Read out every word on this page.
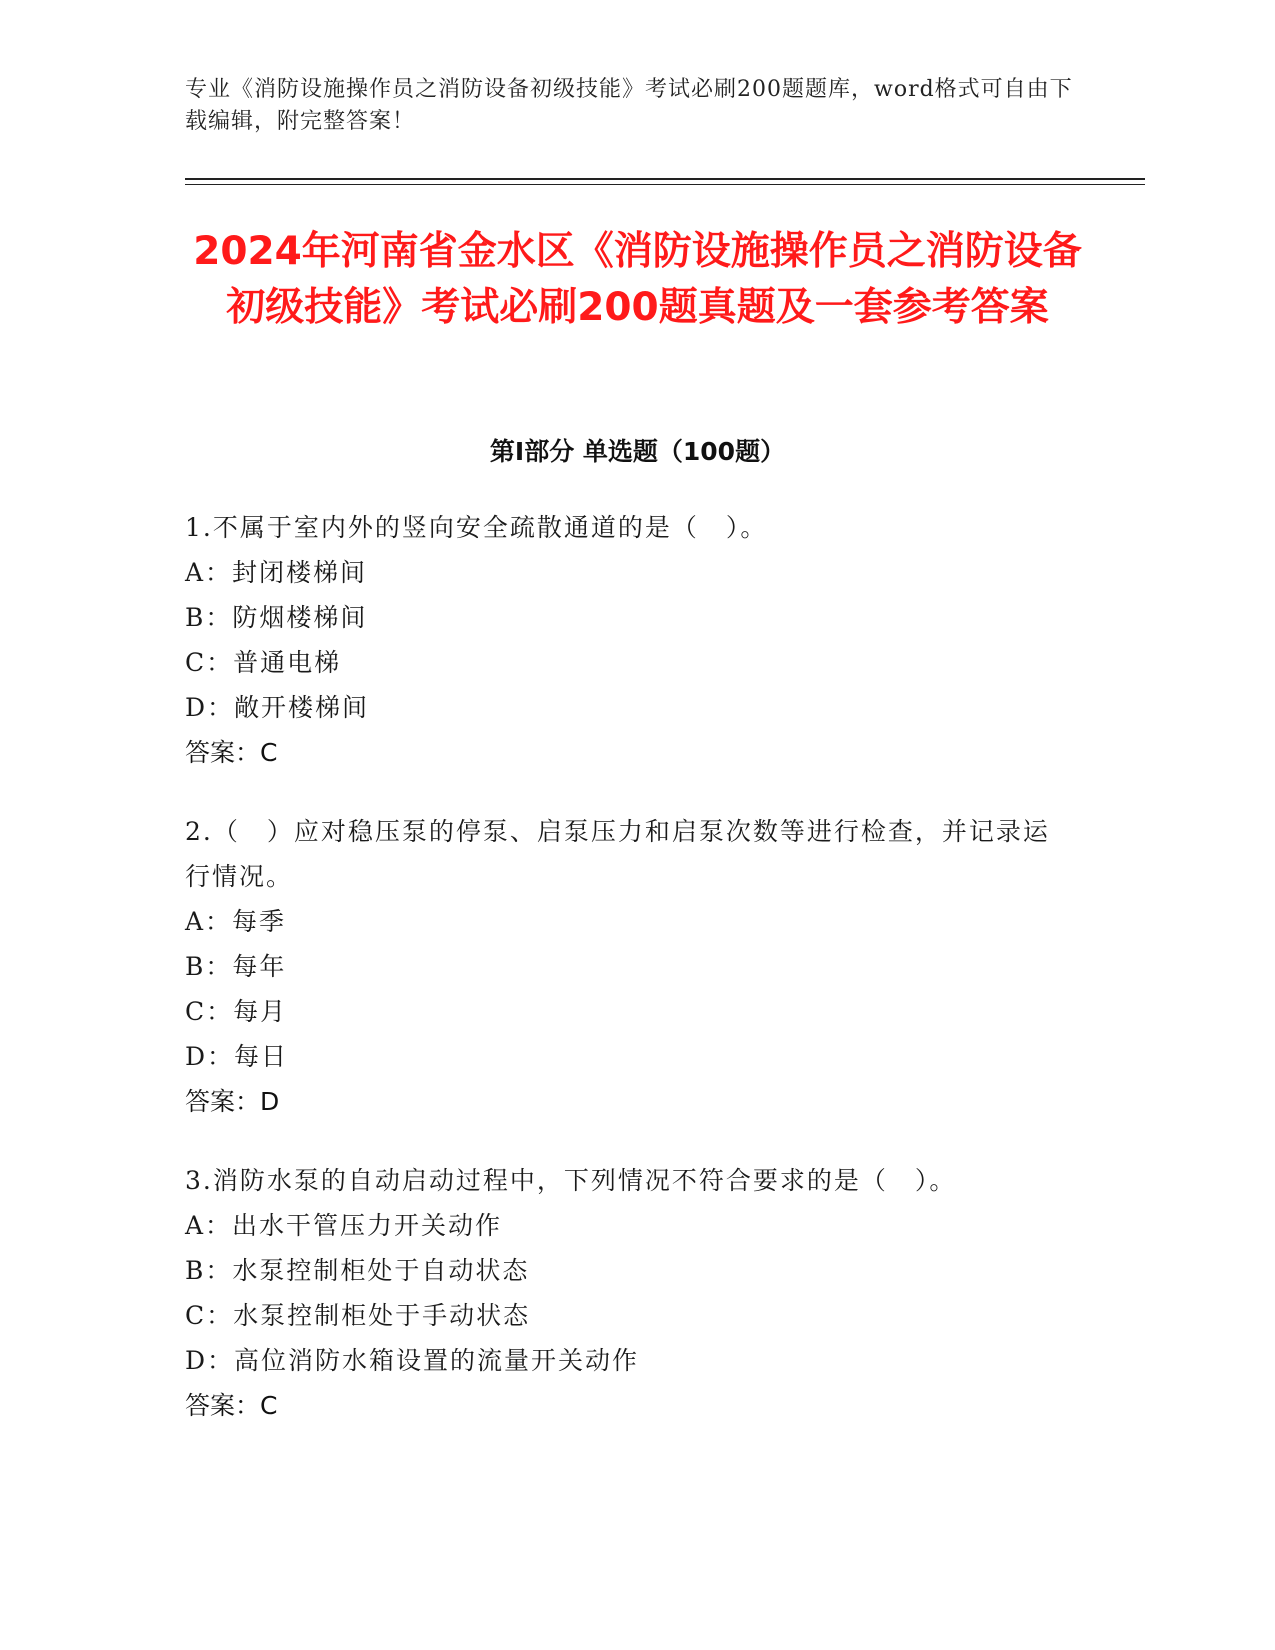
专业《消防设施操作员之消防设备初级技能》考试必刷200题题库，word格式可自由下载编辑，附完整答案！
2024年河南省金水区《消防设施操作员之消防设备初级技能》考试必刷200题真题及一套参考答案
第Ⅰ部分 单选题（100题）
1.不属于室内外的竖向安全疏散通道的是（　）。
A：封闭楼梯间
B：防烟楼梯间
C：普通电梯
D：敞开楼梯间
答案：C
2.（　）应对稳压泵的停泵、启泵压力和启泵次数等进行检查，并记录运行情况。
A：每季
B：每年
C：每月
D：每日
答案：D
3.消防水泵的自动启动过程中，下列情况不符合要求的是（　）。
A：出水干管压力开关动作
B：水泵控制柜处于自动状态
C：水泵控制柜处于手动状态
D：高位消防水箱设置的流量开关动作
答案：C
